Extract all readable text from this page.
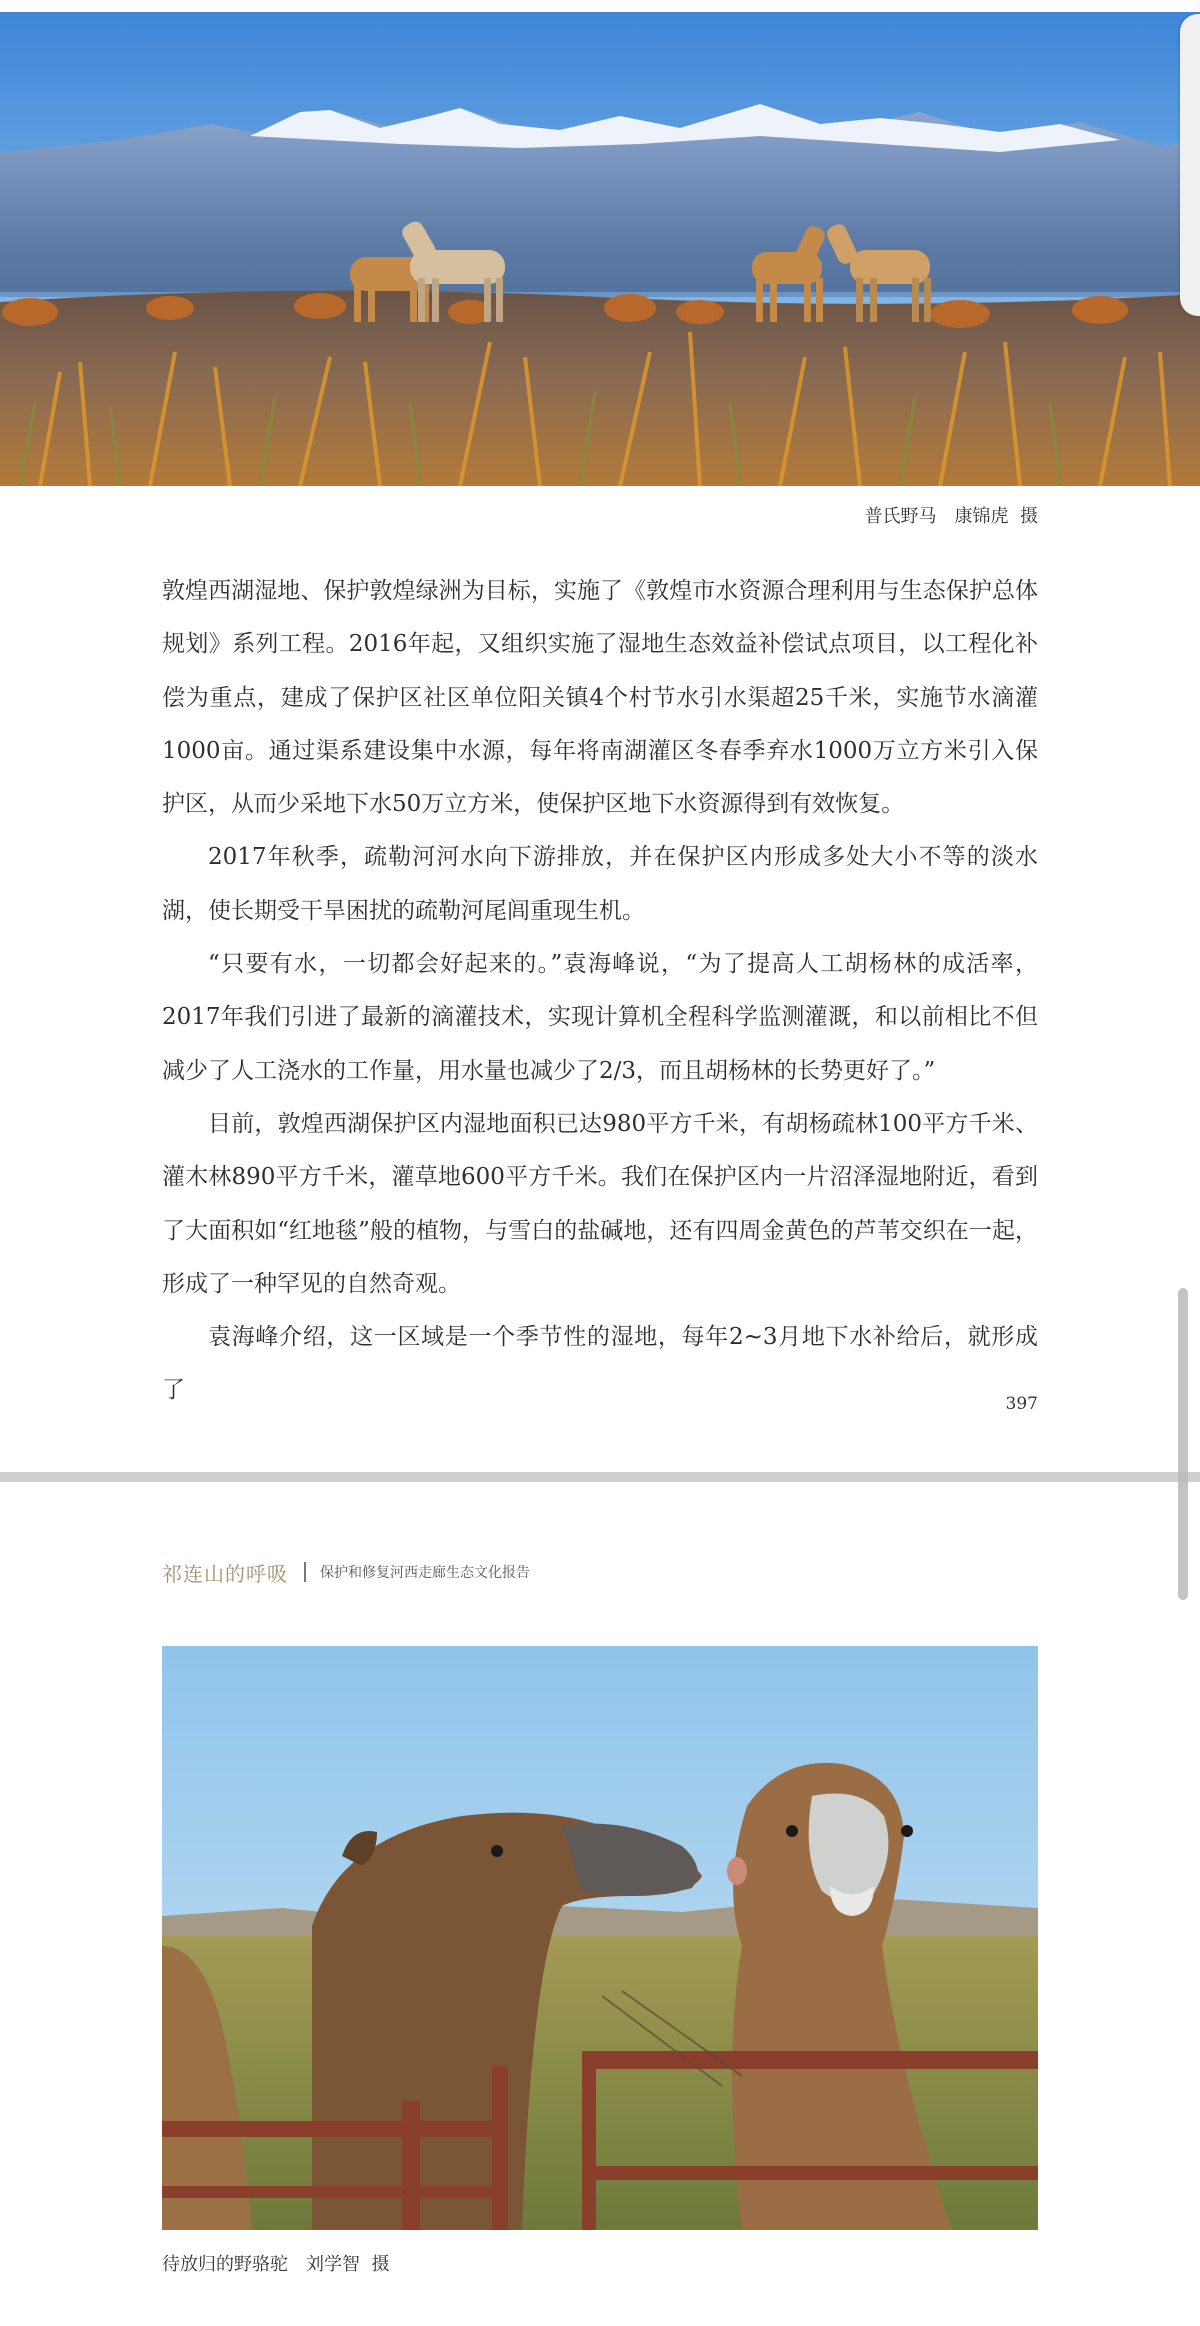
普氏野马　康锦虎  摄

敦煌西湖湿地、保护敦煌绿洲为目标，实施了《敦煌市水资源合理利用与生态保护总体规划》系列工程。2016年起，又组织实施了湿地生态效益补偿试点项目，以工程化补偿为重点，建成了保护区社区单位阳关镇4个村节水引水渠超25千米，实施节水滴灌1000亩。通过渠系建设集中水源，每年将南湖灌区冬春季弃水1000万立方米引入保护区，从而少采地下水50万立方米，使保护区地下水资源得到有效恢复。

2017年秋季，疏勒河河水向下游排放，并在保护区内形成多处大小不等的淡水湖，使长期受干旱困扰的疏勒河尾闾重现生机。

“只要有水，一切都会好起来的。”袁海峰说，“为了提高人工胡杨林的成活率，2017年我们引进了最新的滴灌技术，实现计算机全程科学监测灌溉，和以前相比不但减少了人工浇水的工作量，用水量也减少了2/3，而且胡杨林的长势更好了。”

目前，敦煌西湖保护区内湿地面积已达980平方千米，有胡杨疏林100平方千米、灌木林890平方千米，灌草地600平方千米。我们在保护区内一片沼泽湿地附近，看到了大面积如“红地毯”般的植物，与雪白的盐碱地，还有四周金黄色的芦苇交织在一起，形成了一种罕见的自然奇观。

袁海峰介绍，这一区域是一个季节性的湿地，每年2~3月地下水补给后，就形成了

397
祁连山的呼吸 保护和修复河西走廊生态文化报告
待放归的野骆驼　刘学智  摄
